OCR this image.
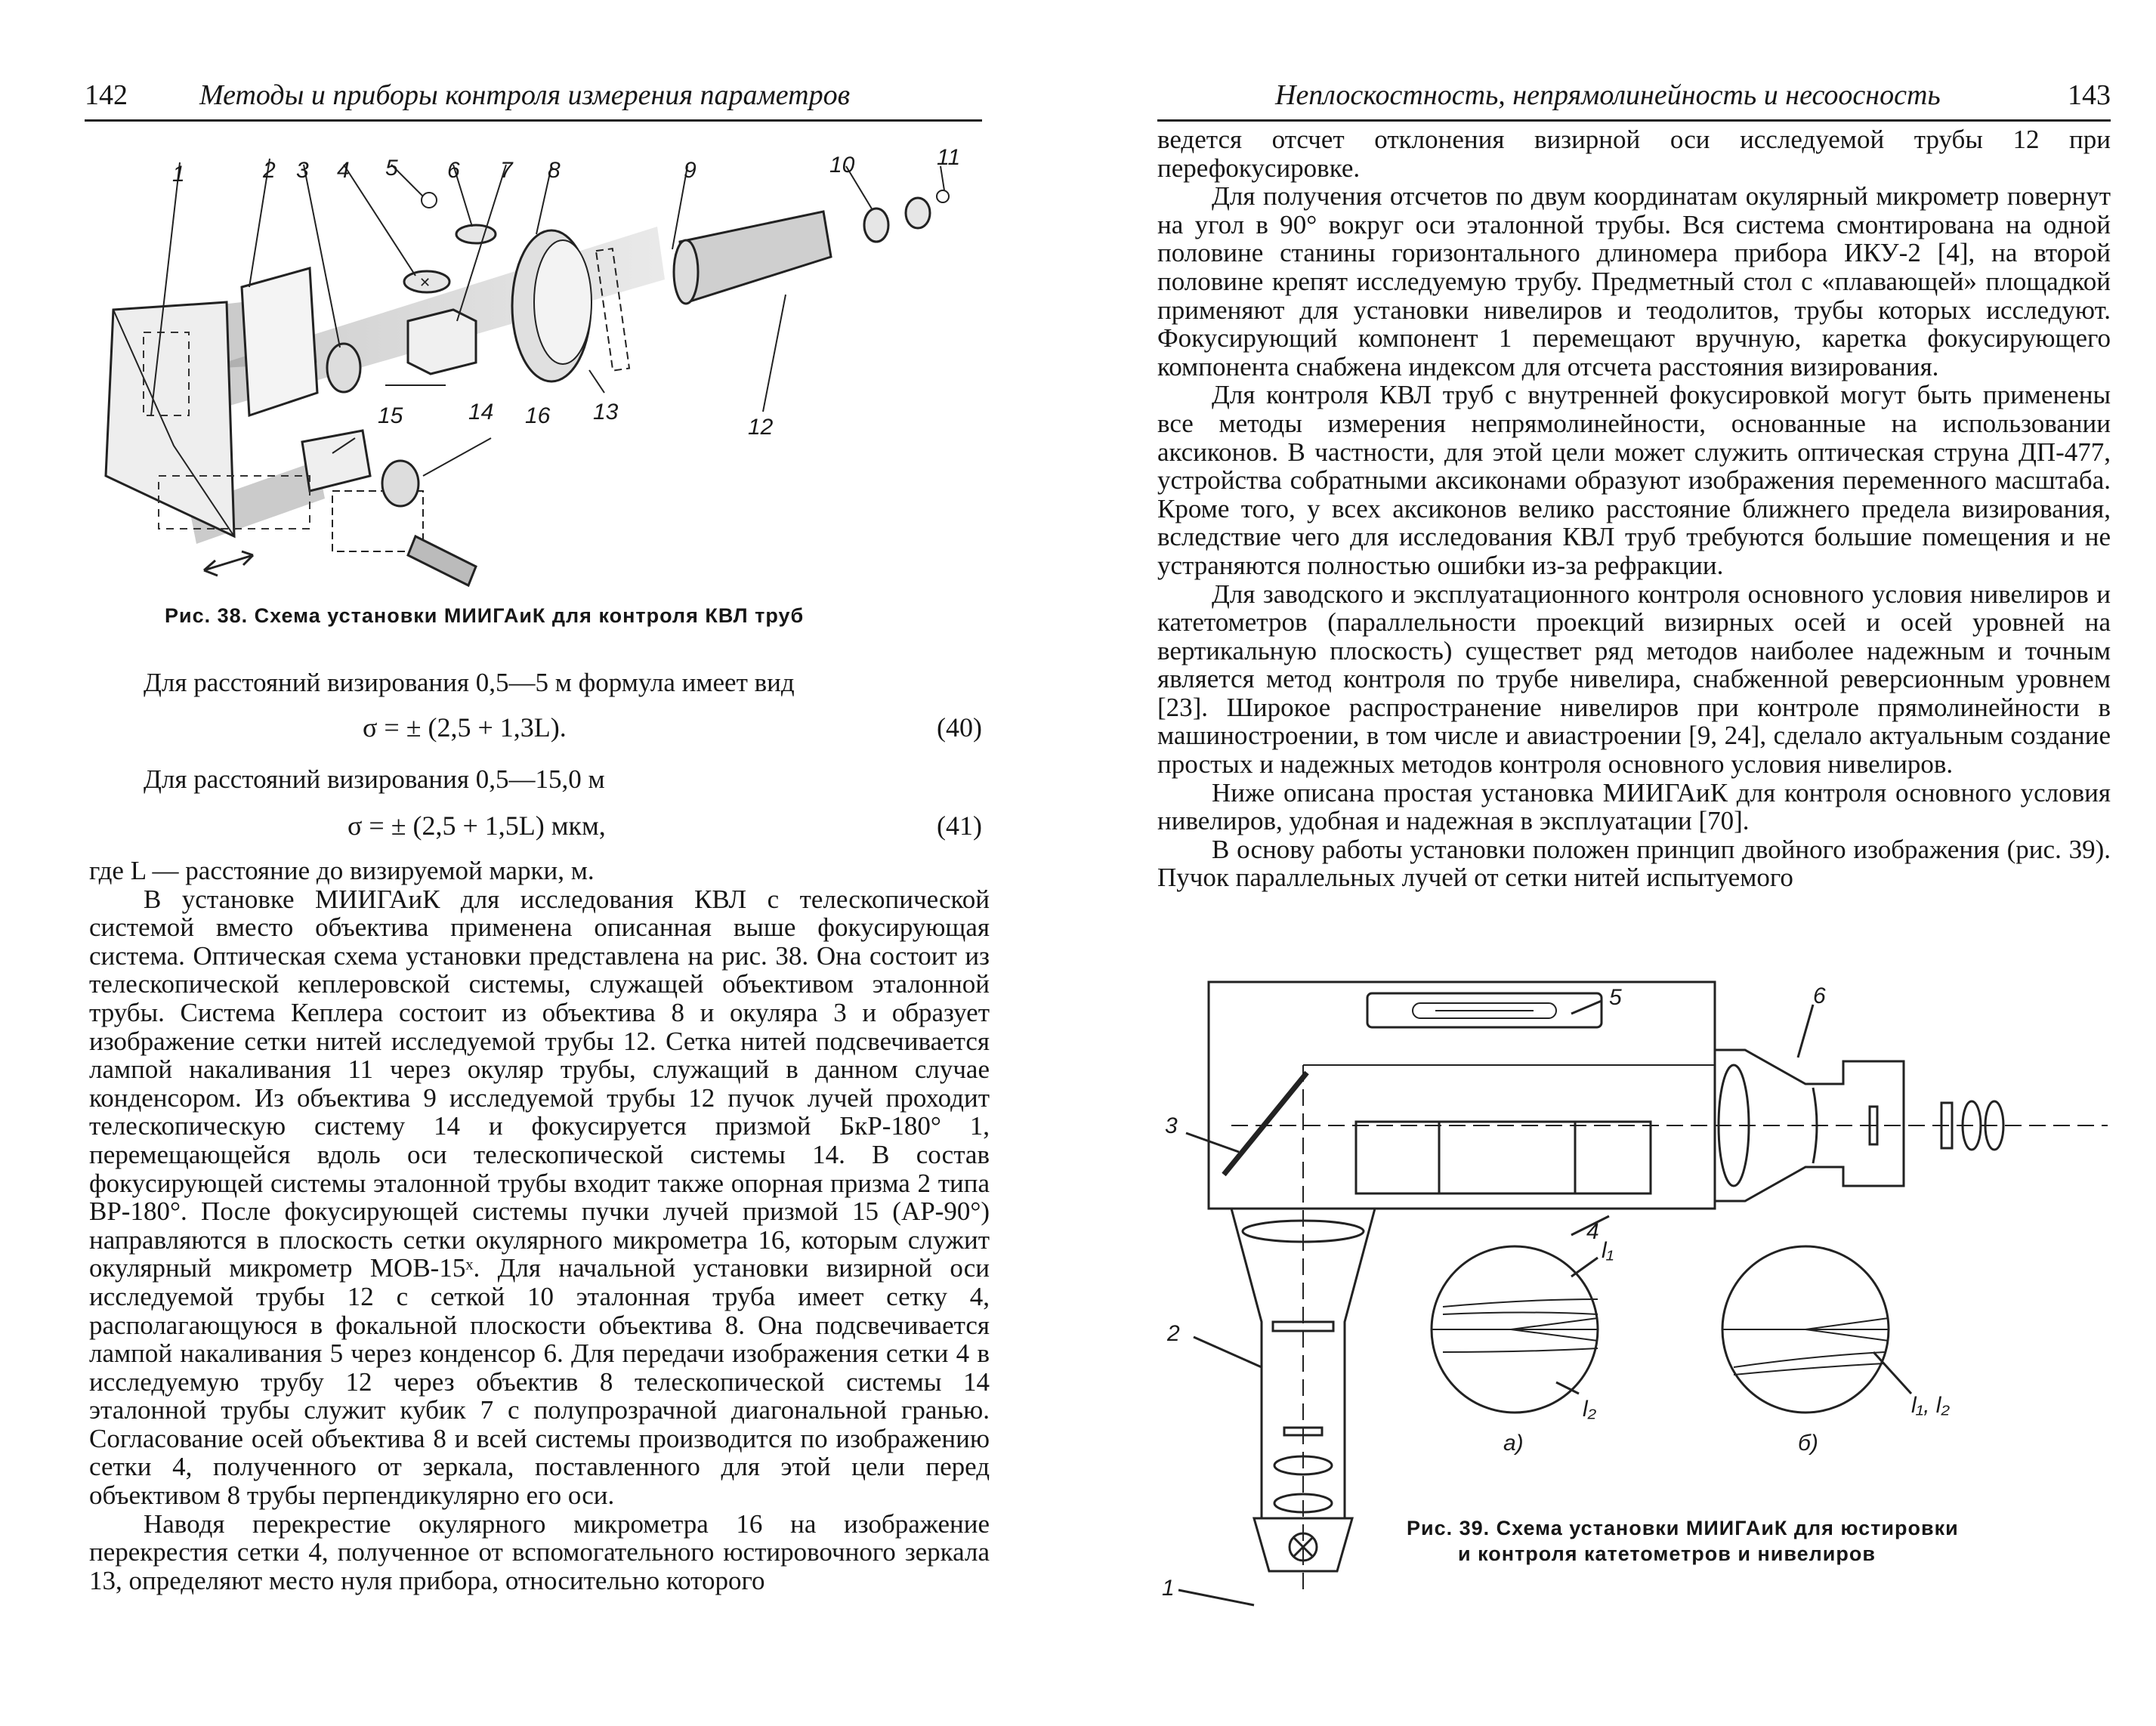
142	Методы и приборы контроля измерения параметров
✕
1	2 3 4 5 6 7 8	9	10	11
12
13
14
15	16
Рис. 38. Схема установки МИИГАиК для контроля КВЛ труб
Для расстояний визирования 0,5—5 м формула имеет вид
σ = ± (2,5 + 1,3L).	(40)
Для расстояний визирования 0,5—15,0 м
σ = ± (2,5 + 1,5L) мкм,	(41)

где L — расстояние до визируемой марки, м.

В установке МИИГАиК для исследования КВЛ с телескопической системой вместо объектива применена описанная выше фокусирующая система. Оптическая схема установки представлена на рис. 38. Она состоит из телескопической кеплеровской системы, служащей объективом эталонной трубы. Система Кеплера состоит из объектива 8 и окуляра 3 и образует изображение сетки нитей исследуемой трубы 12. Сетка нитей подсвечивается лампой накаливания 11 через окуляр трубы, служащий в данном случае конденсором. Из объектива 9 исследуемой трубы 12 пучок лучей проходит телескопическую систему 14 и фокусируется призмой БкР-180° 1, перемещающейся вдоль оси телескопической системы 14. В состав фокусирующей системы эталонной трубы входит также опорная призма 2 типа ВР-180°. После фокусирующей системы пучки лучей призмой 15 (АР-90°) направляются в плоскость сетки окулярного микрометра 16, которым служит окулярный микрометр МОВ-15ˣ. Для начальной установки визирной оси исследуемой трубы 12 с сеткой 10 эталонная труба имеет сетку 4, располагающуюся в фокальной плоскости объектива 8. Она подсвечивается лампой накаливания 5 через конденсор 6. Для передачи изображения сетки 4 в исследуемую трубу 12 через объектив 8 телескопической системы 14 эталонной трубы служит кубик 7 с полупрозрачной диагональной гранью. Согласование осей объектива 8 и всей системы производится по изображению сетки 4, полученного от зеркала, поставленного для этой цели перед объективом 8 трубы перпендикулярно его оси.

Наводя перекрестие окулярного микрометра 16 на изображение перекрестия сетки 4, полученное от вспомогательного юстировочного зеркала 13, определяют место нуля прибора, относительно которого

Неплоскостность, непрямолинейность и несоосность	143

ведется отсчет отклонения визирной оси исследуемой трубы 12 при перефокусировке.

Для получения отсчетов по двум координатам окулярный микрометр повернут на угол в 90° вокруг оси эталонной трубы. Вся система смонтирована на одной половине станины горизонтального длиномера прибора ИКУ-2 [4], на второй половине крепят исследуемую трубу. Предметный стол с «плавающей» площадкой применяют для установки нивелиров и теодолитов, трубы которых исследуют. Фокусирующий компонент 1 перемещают вручную, каретка фокусирующего компонента снабжена индексом для отсчета расстояния визирования.

Для контроля КВЛ труб с внутренней фокусировкой могут быть применены все методы измерения непрямолинейности, основанные на использовании аксиконов. В частности, для этой цели может служить оптическая струна ДП-477, устройства собратными аксиконами образуют изображения переменного масштаба. Кроме того, у всех аксиконов велико расстояние ближнего предела визирования, вследствие чего для исследования КВЛ труб требуются большие помещения и не устраняются полностью ошибки из-за рефракции.

Для заводского и эксплуатационного контроля основного условия нивелиров и катетометров (параллельности проекций визирных осей и осей уровней на вертикальную плоскость) существет ряд методов наиболее надежным и точным является метод контроля по трубе нивелира, снабженной реверсионным уровнем [23]. Широкое распространение нивелиров при контроле прямолинейности в машиностроении, в том числе и авиастроении [9, 24], сделало актуальным создание простых и надежных методов контроля основного условия нивелиров.

Ниже описана простая установка МИИГАиК для контроля основного условия нивелиров, удобная и надежная в эксплуатации [70].

В основу работы установки положен принцип двойного изображения (рис. 39). Пучок параллельных лучей от сетки нитей испытуемого

1
2
3
4
5	6
l₁
l₂	l₁, l₂
а)	б)
Рис. 39. Схема установки МИИГАиК для юстировки
и контроля катетометров и нивелиров
